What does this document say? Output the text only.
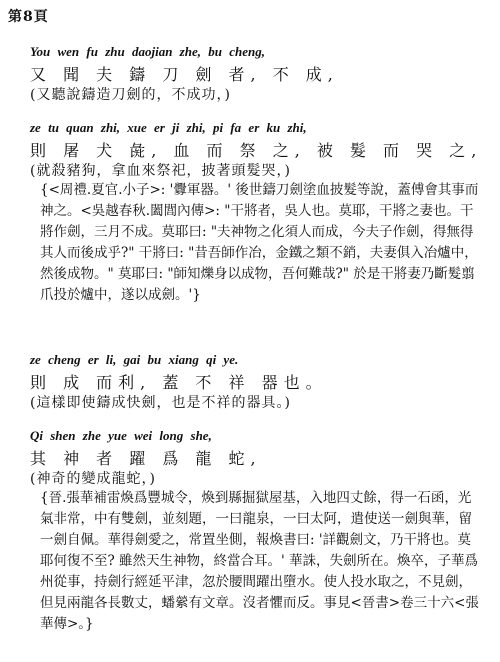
第8頁
You wen fu zhu daojian zhe, bu cheng,
又 聞 夫 鑄 刀 劍 者, 不 成,
(又聽說鑄造刀劍的，不成功，)
ze tu quan zhi, xue er ji zhi, pi fa er ku zhi,
則 屠 犬 彘, 血 而 祭 之, 被 髮 而 哭 之,
(就殺豬狗，拿血來祭祀，披著頭髮哭，)
{<周禮.夏官.小子>: '釁軍器。' 後世鑄刀劍塗血披髮等說，蓋傅會其事而神之。<吳越春秋.闔閭內傳>: "干將者，吳人也。莫耶，干將之妻也。干將作劍，三月不成。莫耶曰: "夫神物之化須人而成，今夫子作劍，得無得其人而後成乎?" 干將曰: "昔吾師作冶，金鐵之類不銷，夫妻俱入冶爐中，然後成物。" 莫耶曰: "師知爍身以成物，吾何難哉?" 於是干將妻乃斷髮翦爪投於爐中，遂以成劍。'}
ze cheng er li, gai bu xiang qi ye.
則 成 而利, 蓋 不 祥 器也。
(這樣即使鑄成快劍，也是不祥的器具。)
Qi shen zhe yue wei long she,
其 神 者 躍 爲 龍 蛇,
(神奇的變成龍蛇，)
{晉.張華補雷煥爲豐城令，煥到縣掘獄屋基，入地四丈餘，得一石函，光氣非常，中有雙劍，並刻題，一曰龍泉，一曰太阿，遣使送一劍與華，留一劍自佩。華得劍愛之，常置坐側，報煥書曰: '詳觀劍文，乃干將也。莫耶何復不至? 雖然天生神物，終當合耳。' 華誅，失劍所在。煥卒，子華爲州從事，持劍行經延平津，忽於腰間躍出墮水。使人投水取之，不見劍，但見兩龍各長數丈，蟠縈有文章。沒者懼而反。事見<晉書>卷三十六<張華傳>。}
